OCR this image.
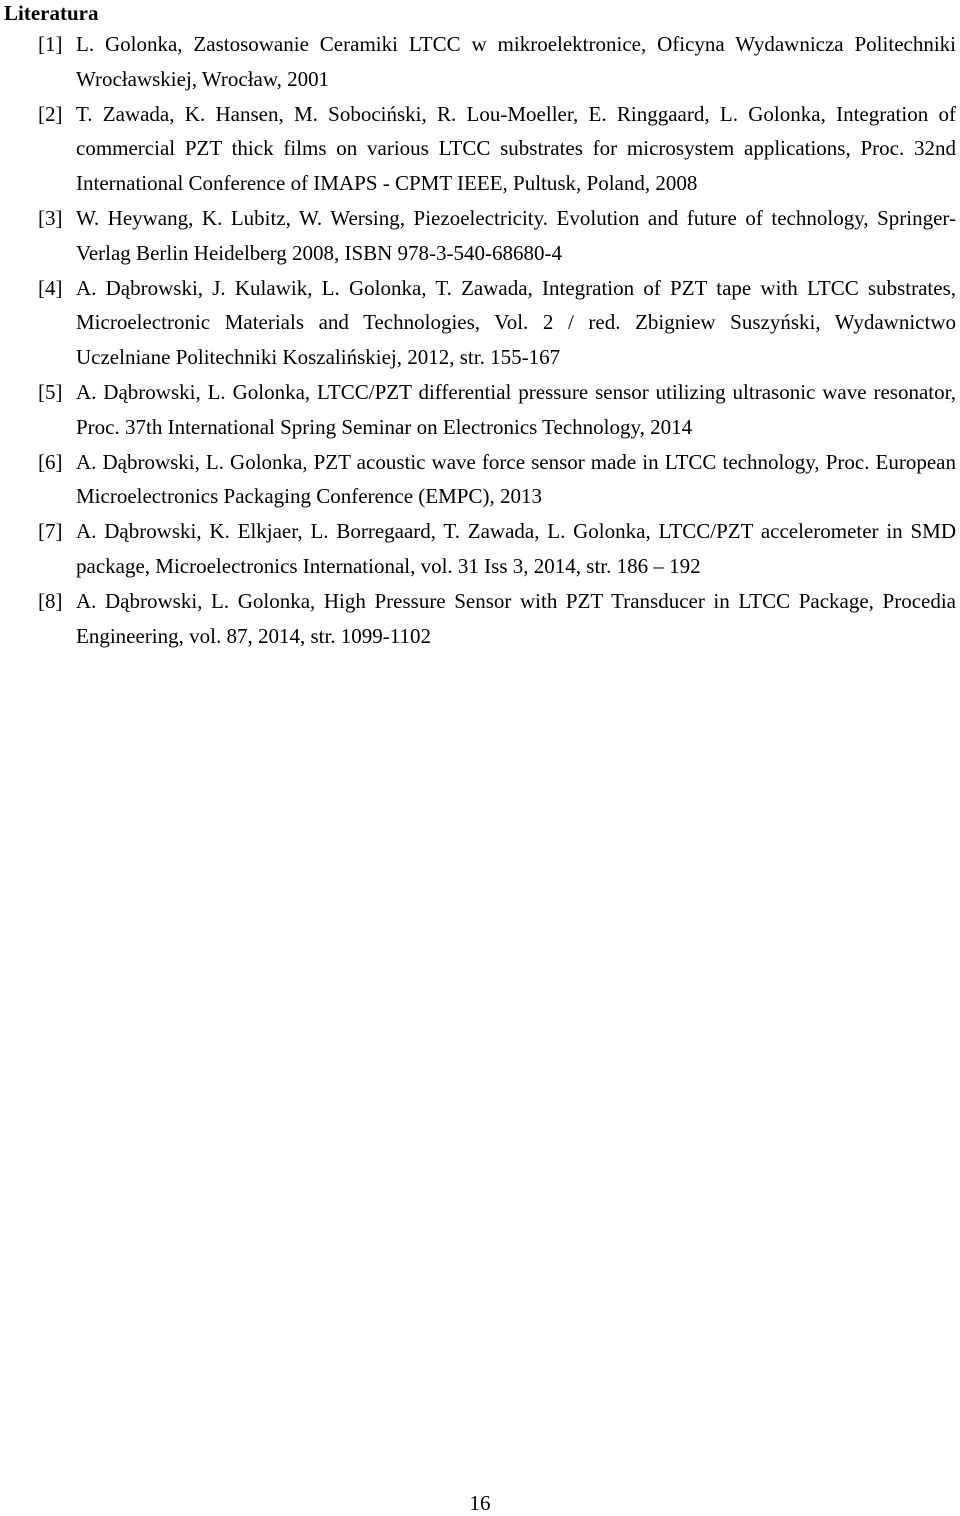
Literatura
[1] L. Golonka, Zastosowanie Ceramiki LTCC w mikroelektronice, Oficyna Wydawnicza Politechniki Wrocławskiej, Wrocław, 2001
[2] T. Zawada, K. Hansen, M. Sobociński, R. Lou-Moeller, E. Ringgaard, L. Golonka, Integration of commercial PZT thick films on various LTCC substrates for microsystem applications, Proc. 32nd International Conference of IMAPS - CPMT IEEE, Pultusk, Poland, 2008
[3] W. Heywang, K. Lubitz, W. Wersing, Piezoelectricity. Evolution and future of technology, Springer-Verlag Berlin Heidelberg 2008, ISBN 978-3-540-68680-4
[4] A. Dąbrowski, J. Kulawik, L. Golonka, T. Zawada, Integration of PZT tape with LTCC substrates, Microelectronic Materials and Technologies, Vol. 2 / red. Zbigniew Suszyński, Wydawnictwo Uczelniane Politechniki Koszalińskiej, 2012, str. 155-167
[5] A. Dąbrowski, L. Golonka, LTCC/PZT differential pressure sensor utilizing ultrasonic wave resonator, Proc. 37th International Spring Seminar on Electronics Technology, 2014
[6] A. Dąbrowski, L. Golonka, PZT acoustic wave force sensor made in LTCC technology, Proc. European Microelectronics Packaging Conference (EMPC), 2013
[7] A. Dąbrowski, K. Elkjaer, L. Borregaard, T. Zawada, L. Golonka, LTCC/PZT accelerometer in SMD package, Microelectronics International, vol. 31 Iss 3, 2014, str. 186 – 192
[8] A. Dąbrowski, L. Golonka, High Pressure Sensor with PZT Transducer in LTCC Package, Procedia Engineering, vol. 87, 2014, str. 1099-1102
16
